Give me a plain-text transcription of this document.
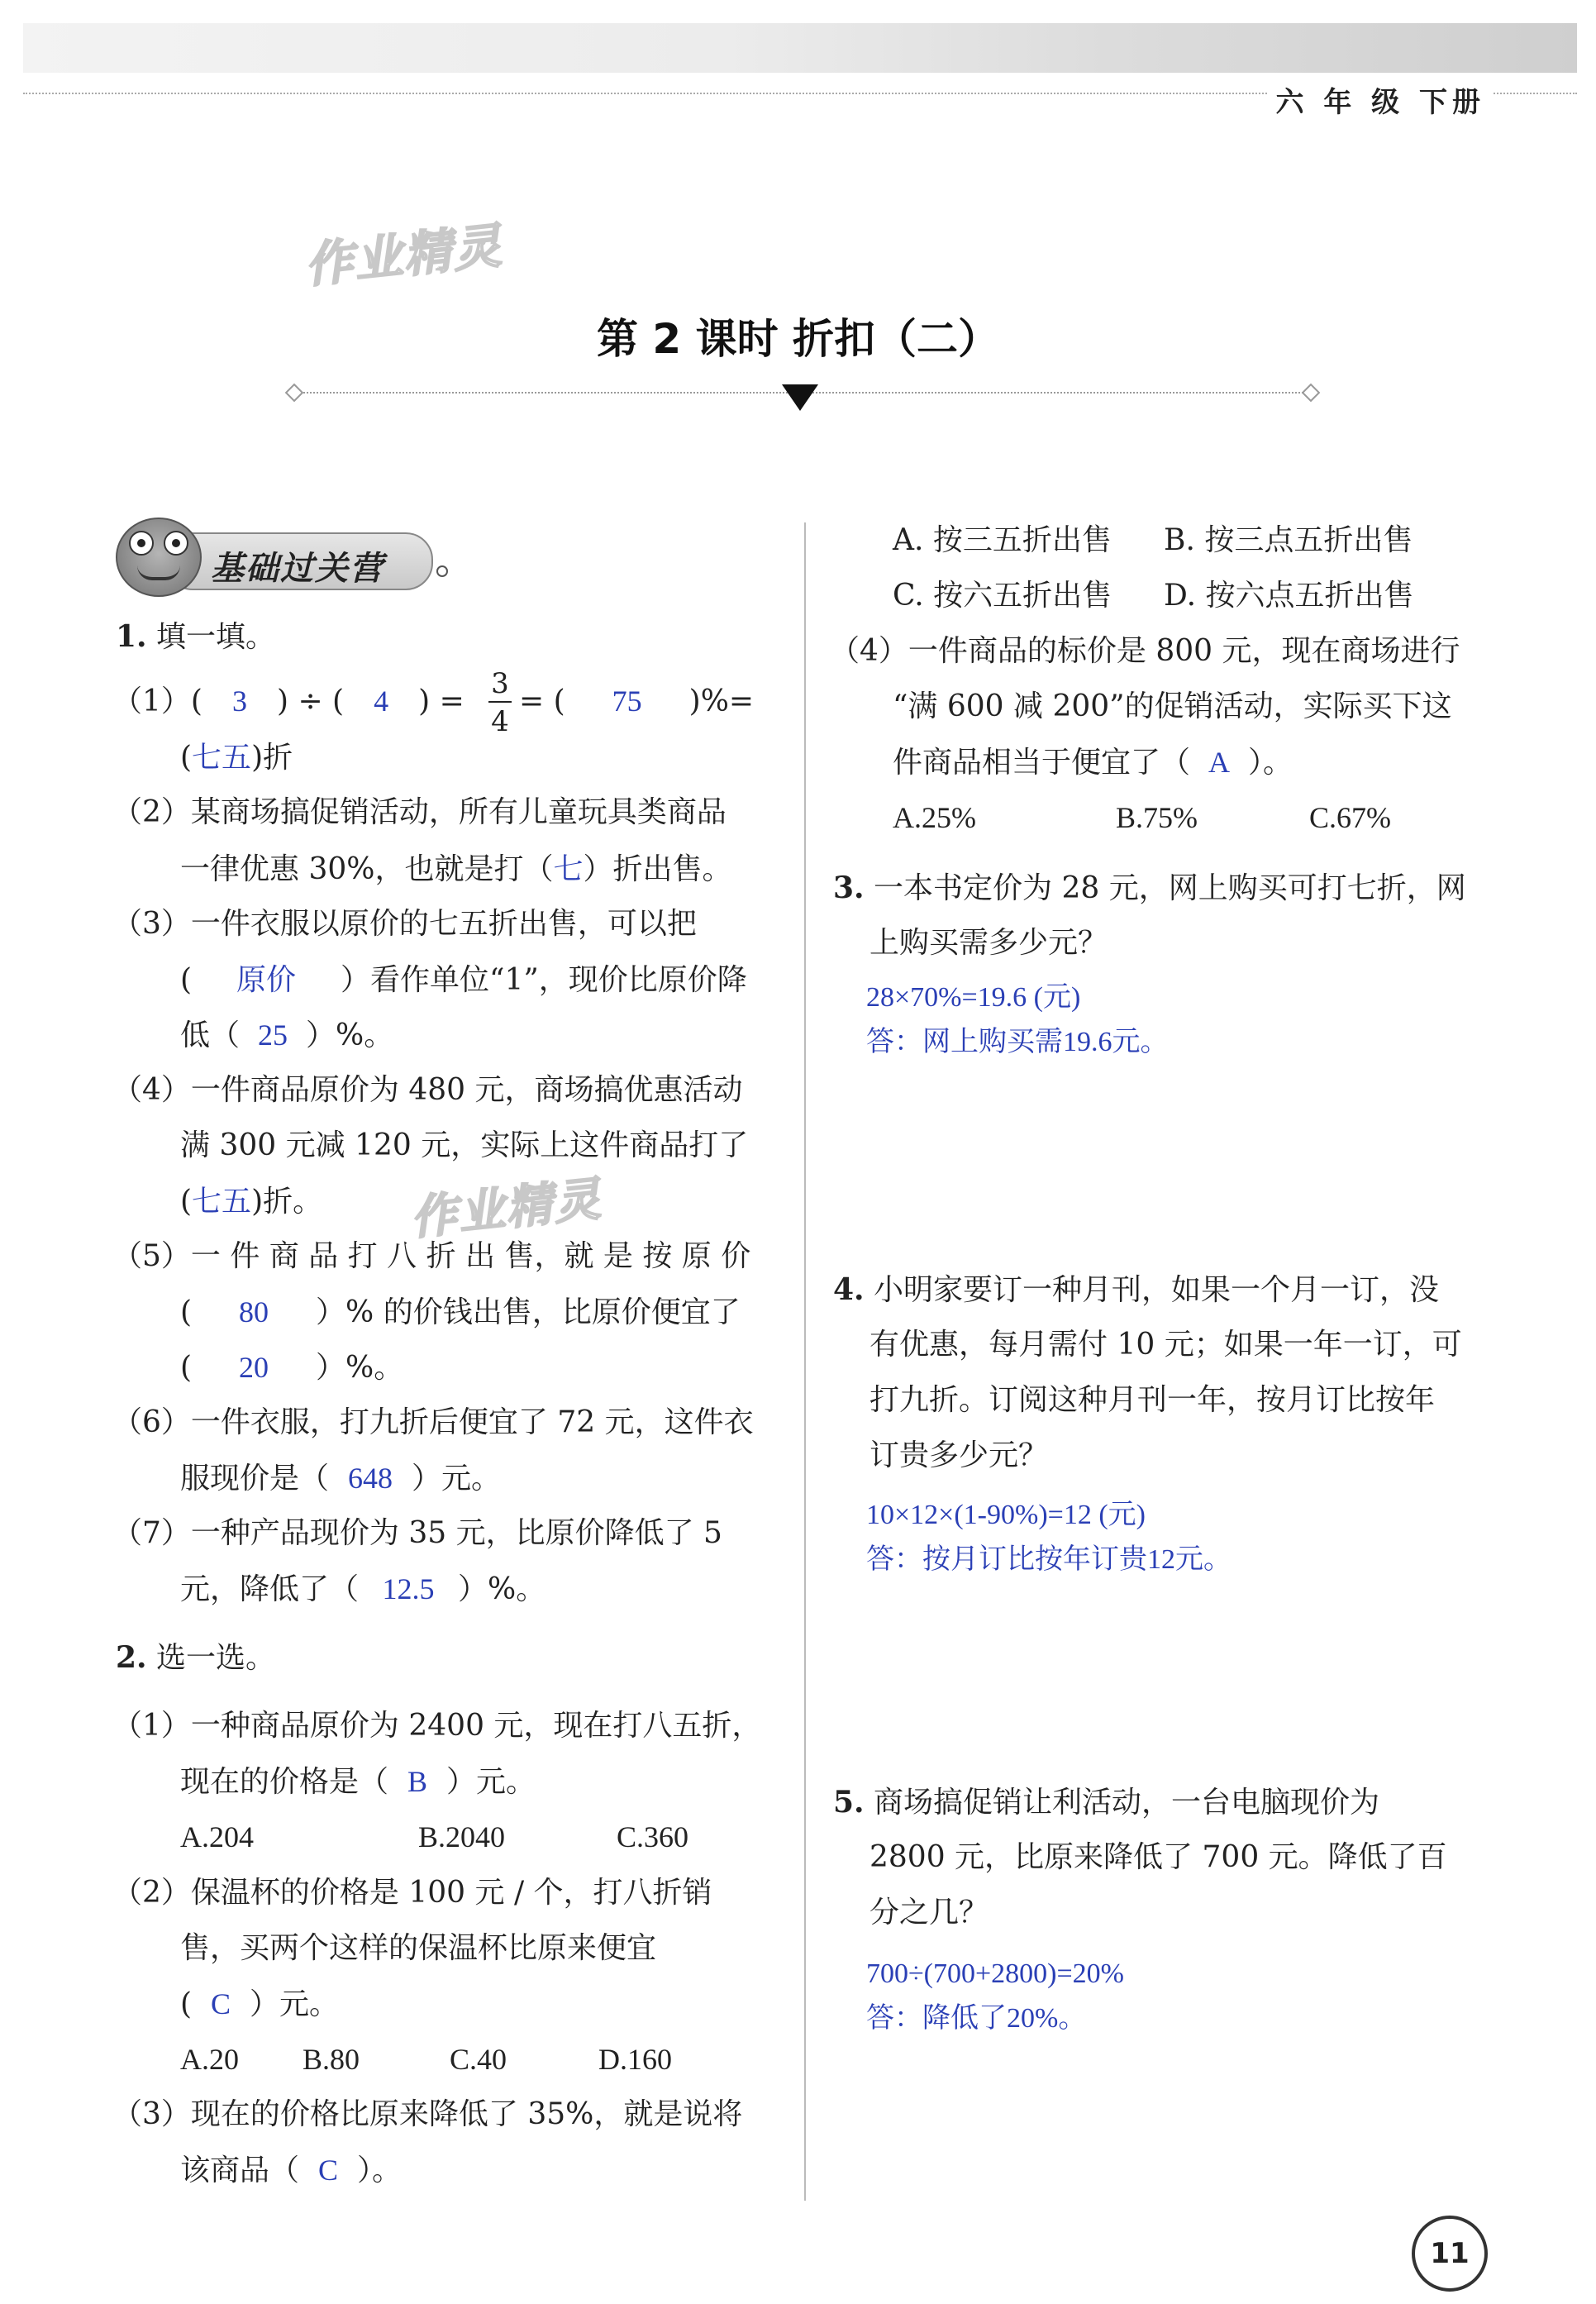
六 年 级 下册
作业精灵
作业精灵
第 2 课时 折扣（二）
基础过关营
1. 填一填。
（1）( 3 ) ÷ ( 4 ) =
3
4
= ( 75 )%=
(七五)折
（2）某商场搞促销活动，所有儿童玩具类商品
一律优惠 30%，也就是打（七）折出售。
（3）一件衣服以原价的七五折出售，可以把
( 原价 ）看作单位“1”，现价比原价降
低（ 25 ）%。
（4）一件商品原价为 480 元，商场搞优惠活动
满 300 元减 120 元，实际上这件商品打了
(七五)折。
（5）一 件 商 品 打 八 折 出 售，就 是 按 原 价
( 80 ）% 的价钱出售，比原价便宜了
( 20 ）%。
（6）一件衣服，打九折后便宜了 72 元，这件衣
服现价是（ 648 ）元。
（7）一种产品现价为 35 元，比原价降低了 5
元，降低了（ 12.5 ）%。
2. 选一选。
（1）一种商品原价为 2400 元，现在打八五折，
现在的价格是（ B ）元。
A.204	B.2040	C.360
（2）保温杯的价格是 100 元 / 个，打八折销
售，买两个这样的保温杯比原来便宜
( C ）元。
A.20 B.80	C.40	D.160
（3）现在的价格比原来降低了 35%，就是说将
该商品（ C ）。
A. 按三五折出售 B. 按三点五折出售
C. 按六五折出售 D. 按六点五折出售
（4）一件商品的标价是 800 元，现在商场进行
“满 600 减 200”的促销活动，实际买下这
件商品相当于便宜了（ A ）。
A.25%	B.75%	C.67%
3. 一本书定价为 28 元，网上购买可打七折，网
上购买需多少元？
28×70%=19.6 (元)
答：网上购买需19.6元。
4. 小明家要订一种月刊，如果一个月一订，没
有优惠，每月需付 10 元；如果一年一订，可
打九折。订阅这种月刊一年，按月订比按年
订贵多少元？
10×12×(1-90%)=12 (元)
答：按月订比按年订贵12元。
5. 商场搞促销让利活动，一台电脑现价为
2800 元，比原来降低了 700 元。降低了百
分之几？
700÷(700+2800)=20%
答：降低了20%。
11
